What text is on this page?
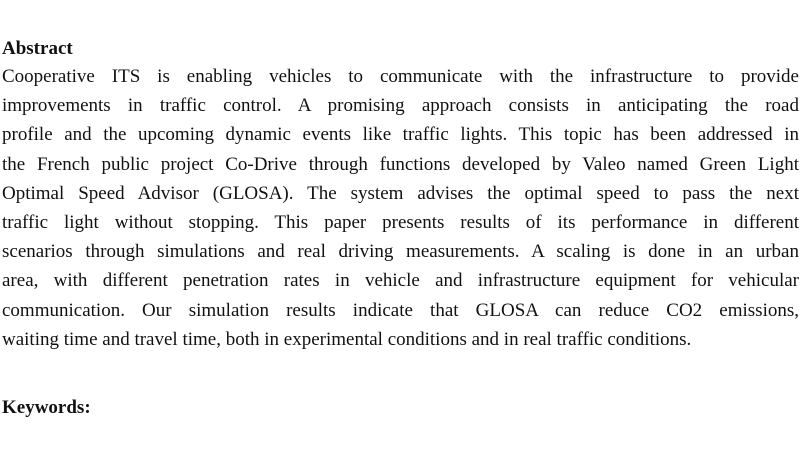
Abstract

Cooperative ITS is enabling vehicles to communicate with the infrastructure to provide
improvements in traffic control. A promising approach consists in anticipating the road
profile and the upcoming dynamic events like traffic lights. This topic has been addressed in
the French public project Co-Drive through functions developed by Valeo named Green Light
Optimal Speed Advisor (GLOSA). The system advises the optimal speed to pass the next
traffic light without stopping. This paper presents results of its performance in different
scenarios through simulations and real driving measurements. A scaling is done in an urban
area, with different penetration rates in vehicle and infrastructure equipment for vehicular
communication. Our simulation results indicate that GLOSA can reduce CO2 emissions,
waiting time and travel time, both in experimental conditions and in real traffic conditions.

Keywords:
